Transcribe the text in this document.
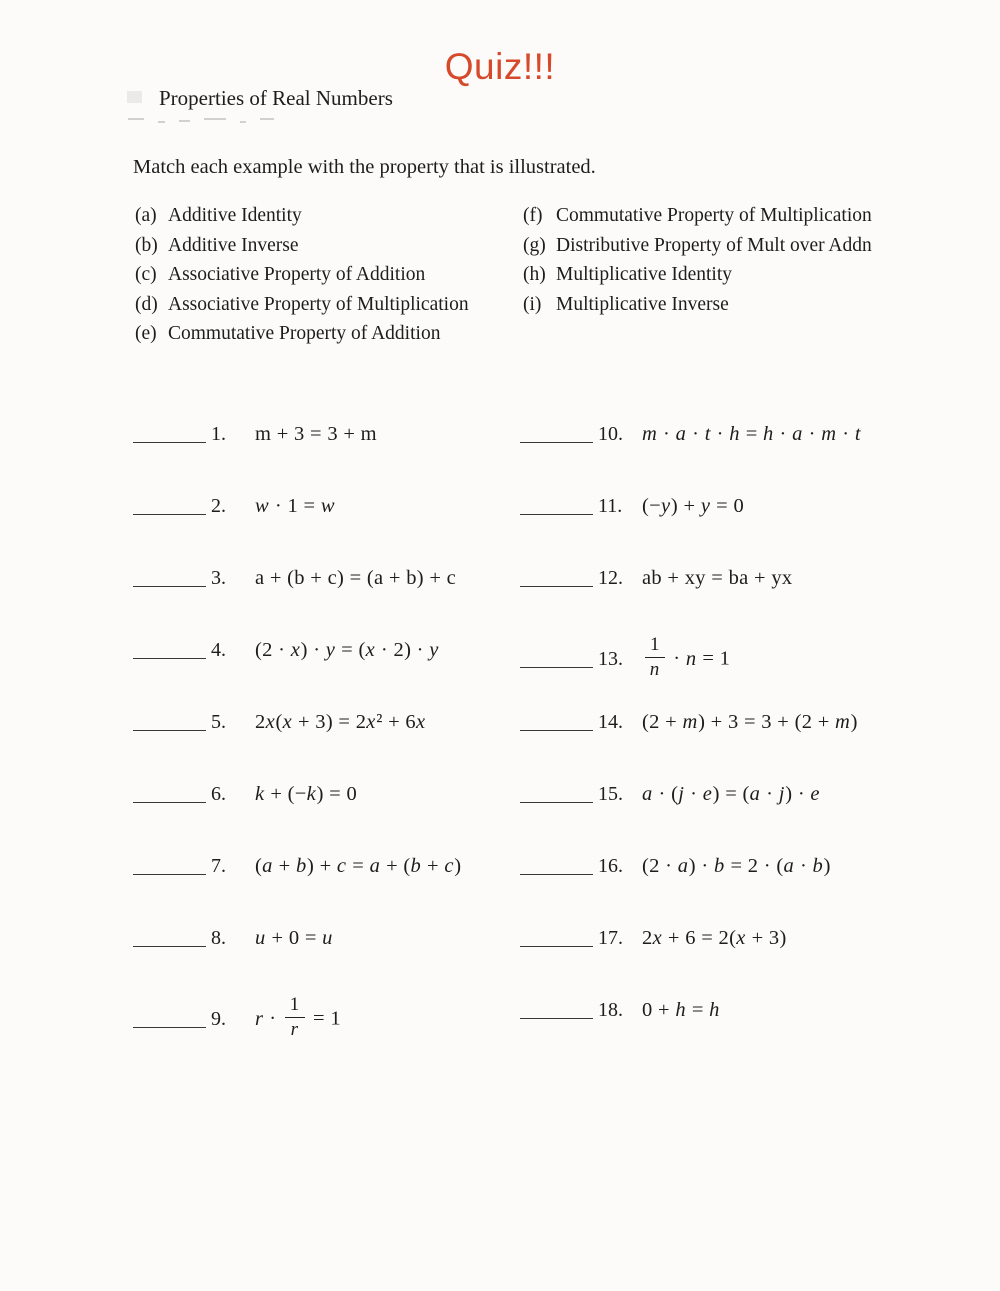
Quiz!!!
Properties of Real Numbers
Match each example with the property that is illustrated.
(a) Additive Identity
(b) Additive Inverse
(c) Associative Property of Addition
(d) Associative Property of Multiplication
(e) Commutative Property of Addition
(f) Commutative Property of Multiplication
(g) Distributive Property of Mult over Addn
(h) Multiplicative Identity
(i) Multiplicative Inverse
1. m + 3 = 3 + m
2. w · 1 = w
3. a + (b + c) = (a + b) + c
4. (2 · x) · y = (x · 2) · y
5. 2x(x + 3) = 2x² + 6x
6. k + (−k) = 0
7. (a + b) + c = a + (b + c)
8. u + 0 = u
9. $r \cdot \frac{1}{r} = 1$
10. m · a · t · h = h · a · m · t
11. (−y) + y = 0
12. ab + xy = ba + yx
13. $\frac{1}{n} \cdot n = 1$
14. (2 + m) + 3 = 3 + (2 + m)
15. a · (j · e) = (a · j) · e
16. (2 · a) · b = 2 · (a · b)
17. 2x + 6 = 2(x + 3)
18. 0 + h = h
